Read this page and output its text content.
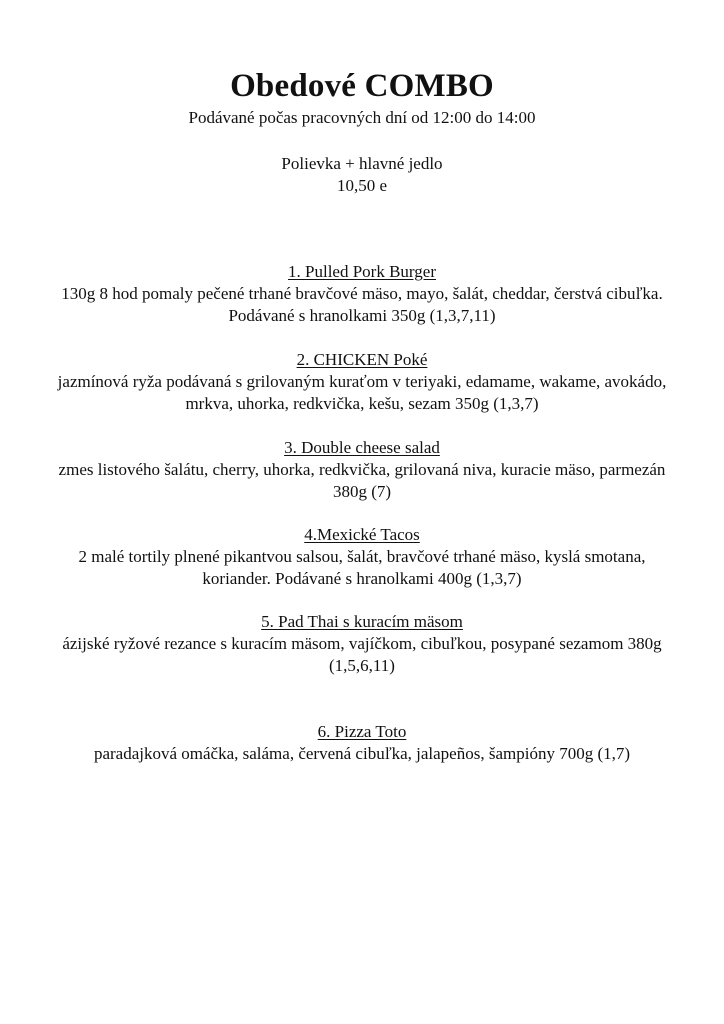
Obedové COMBO
Podávané počas pracovných dní od 12:00 do 14:00
Polievka + hlavné jedlo
10,50 e
1. Pulled Pork Burger
130g 8 hod pomaly pečené trhané bravčové mäso, mayo, šalát, cheddar, čerstvá cibuľka. Podávané s hranolkami 350g (1,3,7,11)
2. CHICKEN Poké
jazmínová ryža podávaná s grilovaným kuraťom v teriyaki, edamame, wakame, avokádo, mrkva, uhorka, redkvička, kešu, sezam 350g (1,3,7)
3. Double cheese salad
zmes listového šalátu, cherry, uhorka, redkvička, grilovaná niva, kuracie mäso, parmezán 380g (7)
4.Mexické Tacos
2 malé tortily plnené pikantvou salsou, šalát, bravčové trhané mäso, kyslá smotana, koriander. Podávané s hranolkami 400g (1,3,7)
5. Pad Thai s kuracím mäsom
ázijské ryžové rezance s kuracím mäsom, vajíčkom, cibuľkou, posypané sezamom 380g (1,5,6,11)
6. Pizza Toto
paradajková omáčka, saláma, červená cibuľka, jalapeños, šampióny 700g (1,7)
